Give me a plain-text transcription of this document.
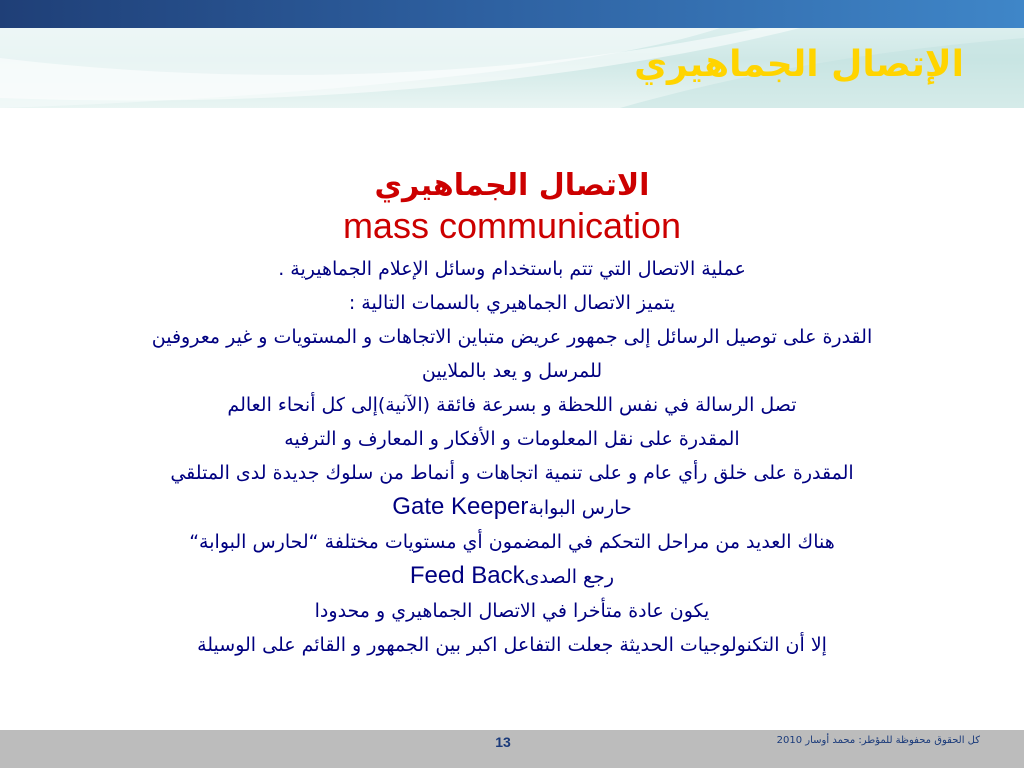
الإتصال الجماهيري
الاتصال الجماهيري
mass communication
عملية الاتصال التي تتم باستخدام وسائل الإعلام الجماهيرية .
يتميز الاتصال الجماهيري بالسمات التالية :
القدرة على توصيل الرسائل إلى جمهور عريض متباين الاتجاهات و المستويات و غير معروفين
للمرسل و يعد بالملايين
تصل الرسالة في نفس اللحظة و بسرعة فائقة (الآنية)إلى كل أنحاء العالم
المقدرة على نقل المعلومات و الأفكار و المعارف و الترفيه
المقدرة على خلق رأي عام و على تنمية اتجاهات و أنماط من سلوك جديدة لدى المتلقي
حارس البوابةGate Keeper
هناك العديد من مراحل التحكم في المضمون أي مستويات مختلفة “لحارس البوابة“
رجع الصدىFeed Back
يكون عادة متأخرا في الاتصال الجماهيري و محدودا
إلا أن التكنولوجيات الحديثة جعلت التفاعل اكبر بين الجمهور و القائم على الوسيلة
13	كل الحقوق محفوظة للمؤطر: محمد أوسار 2010
